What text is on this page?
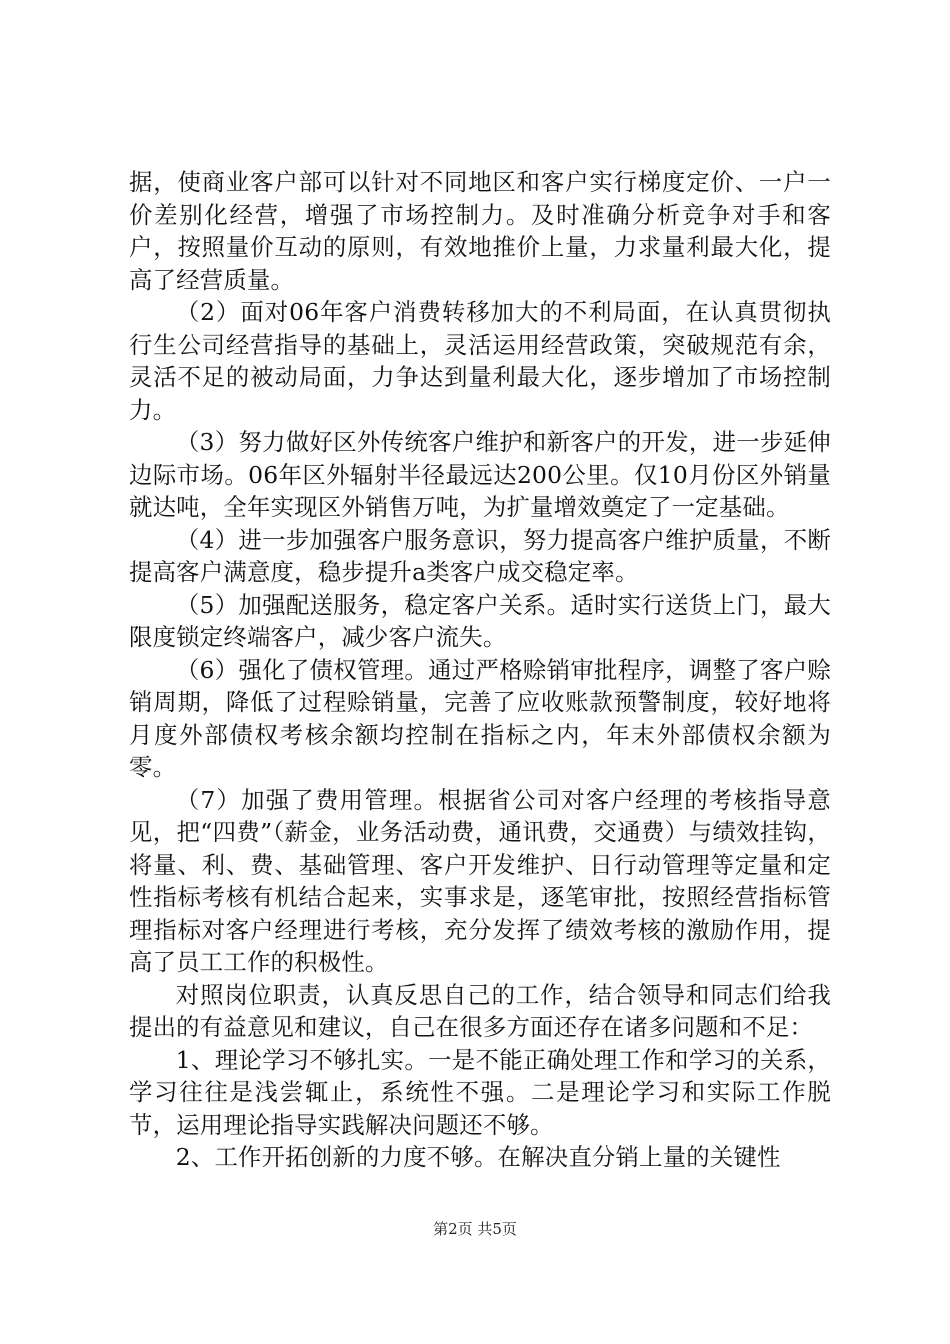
据，使商业客户部可以针对不同地区和客户实行梯度定价、一户一价差别化经营，增强了市场控制力。及时准确分析竞争对手和客户，按照量价互动的原则，有效地推价上量，力求量利最大化，提高了经营质量。

（2）面对06年客户消费转移加大的不利局面，在认真贯彻执行生公司经营指导的基础上，灵活运用经营政策，突破规范有余，灵活不足的被动局面，力争达到量利最大化，逐步增加了市场控制力。

（3）努力做好区外传统客户维护和新客户的开发，进一步延伸边际市场。06年区外辐射半径最远达200公里。仅10月份区外销量就达吨，全年实现区外销售万吨，为扩量增效奠定了一定基础。

（4）进一步加强客户服务意识，努力提高客户维护质量，不断提高客户满意度，稳步提升a类客户成交稳定率。

（5）加强配送服务，稳定客户关系。适时实行送货上门，最大限度锁定终端客户，减少客户流失。

（6）强化了债权管理。通过严格赊销审批程序，调整了客户赊销周期，降低了过程赊销量，完善了应收账款预警制度，较好地将月度外部债权考核余额均控制在指标之内，年末外部债权余额为零。

（7）加强了费用管理。根据省公司对客户经理的考核指导意见，把“四费”（薪金，业务活动费，通讯费，交通费）与绩效挂钩，将量、利、费、基础管理、客户开发维护、日行动管理等定量和定性指标考核有机结合起来，实事求是，逐笔审批，按照经营指标管理指标对客户经理进行考核，充分发挥了绩效考核的激励作用，提高了员工工作的积极性。

对照岗位职责，认真反思自己的工作，结合领导和同志们给我提出的有益意见和建议，自己在很多方面还存在诸多问题和不足：

1、理论学习不够扎实。一是不能正确处理工作和学习的关系，学习往往是浅尝辄止，系统性不强。二是理论学习和实际工作脱节，运用理论指导实践解决问题还不够。

2、工作开拓创新的力度不够。在解决直分销上量的关键性

第2页 共5页
